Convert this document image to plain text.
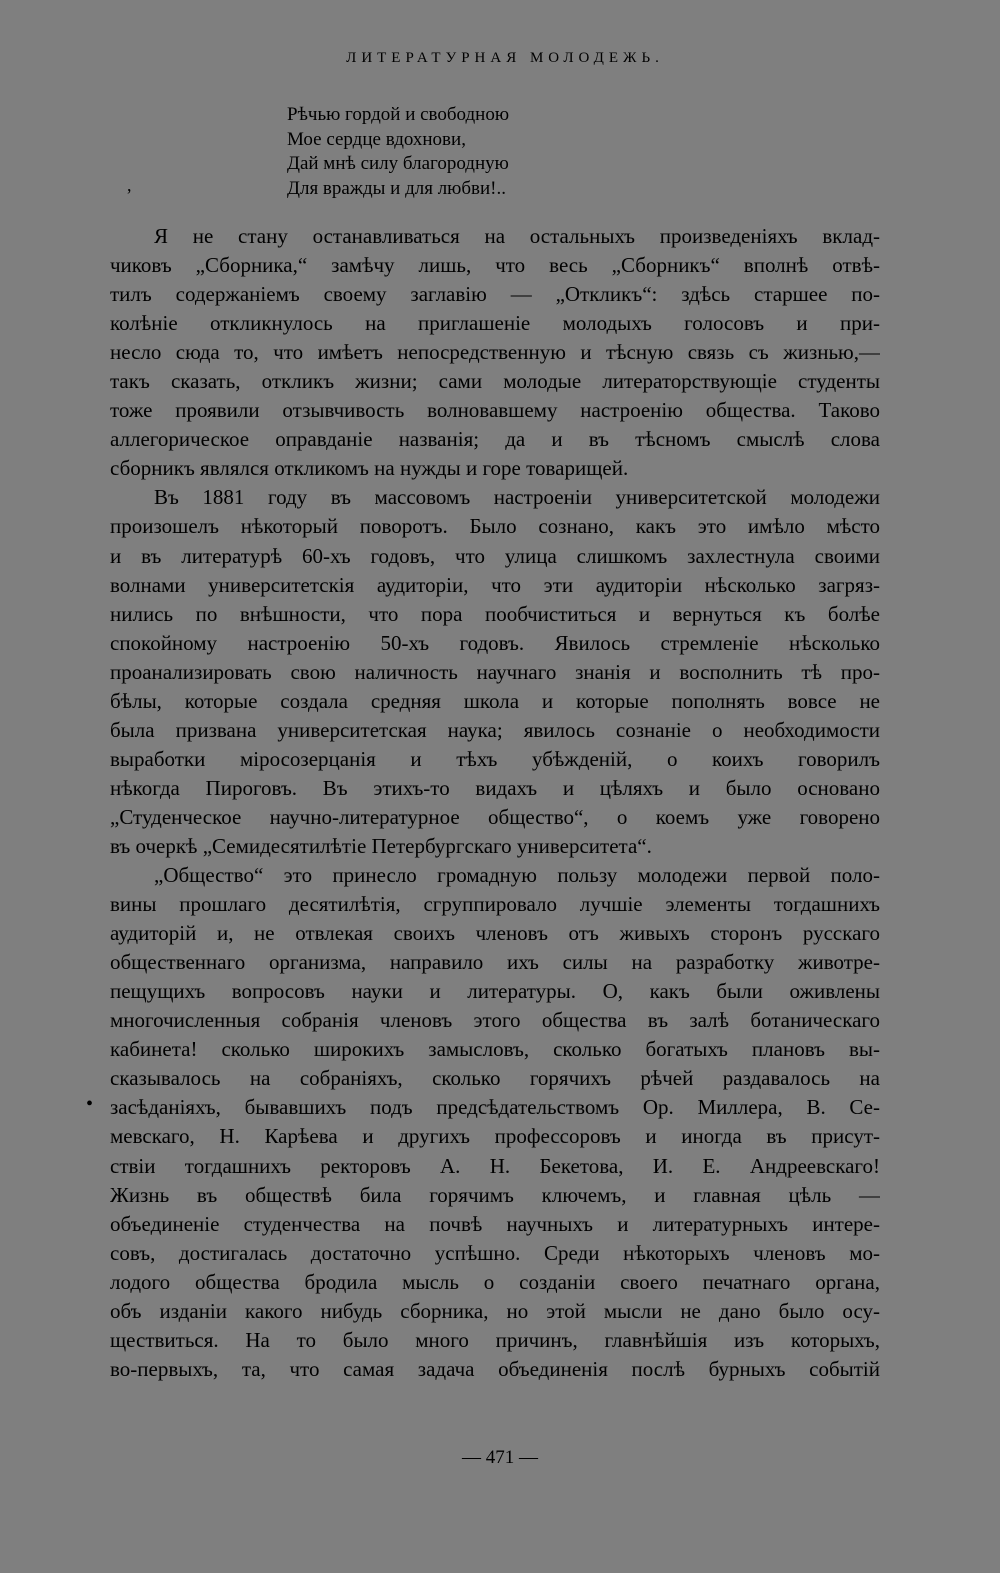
ЛИТЕРАТУРНАЯ МОЛОДЕЖЬ.
,
Рѣчью гордой и свободною
Мое сердце вдохнови,
Дай мнѣ силу благородную
Для вражды и для любви!..
•
Я не стану останавливаться на остальныхъ произведеніяхъ вклад-
чиковъ „Сборника,“ замѣчу лишь, что весь „Сборникъ“ вполнѣ отвѣ-
тилъ содержаніемъ своему заглавію — „Откликъ“: здѣсь старшее по-
колѣніе откликнулось на приглашеніе молодыхъ голосовъ и при-
несло сюда то, что имѣетъ непосредственную и тѣсную связь съ жизнью,—
такъ сказать, откликъ жизни; сами молодые литераторствующіе студенты
тоже проявили отзывчивость волновавшему настроенію общества. Таково
аллегорическое оправданіе названія; да и въ тѣсномъ смыслѣ слова
сборникъ являлся откликомъ на нужды и горе товарищей.
Въ 1881 году въ массовомъ настроеніи университетской молодежи
произошелъ нѣкоторый поворотъ. Было сознано, какъ это имѣло мѣсто
и въ литературѣ 60-хъ годовъ, что улица слишкомъ захлестнула своими
волнами университетскія аудиторіи, что эти аудиторіи нѣсколько загряз-
нились по внѣшности, что пора пообчиститься и вернуться къ болѣе
спокойному настроенію 50-хъ годовъ. Явилось стремленіе нѣсколько
проанализировать свою наличность научнаго знанія и восполнить тѣ про-
бѣлы, которые создала средняя школа и которые пополнять вовсе не
была призвана университетская наука; явилось сознаніе о необходимости
выработки міросозерцанія и тѣхъ убѣжденій, о коихъ говорилъ
нѣкогда Пироговъ. Въ этихъ-то видахъ и цѣляхъ и было основано
„Студенческое научно-литературное общество“, о коемъ уже говорено
въ очеркѣ „Семидесятилѣтіе Петербургскаго университета“.
„Общество“ это принесло громадную пользу молодежи первой поло-
вины прошлаго десятилѣтія, сгруппировало лучшіе элементы тогдашнихъ
аудиторій и, не отвлекая своихъ членовъ отъ живыхъ сторонъ русскаго
общественнаго организма, направило ихъ силы на разработку животре-
пещущихъ вопросовъ науки и литературы. О, какъ были оживлены
многочисленныя собранія членовъ этого общества въ залѣ ботаническаго
кабинета! сколько широкихъ замысловъ, сколько богатыхъ плановъ вы-
сказывалось на собраніяхъ, сколько горячихъ рѣчей раздавалось на
засѣданіяхъ, бывавшихъ подъ предсѣдательствомъ Ор. Миллера, В. Се-
мевскаго, Н. Карѣева и другихъ профессоровъ и иногда въ присут-
ствіи тогдашнихъ ректоровъ А. Н. Бекетова, И. Е. Андреевскаго!
Жизнь въ обществѣ била горячимъ ключемъ, и главная цѣль —
объединеніе студенчества на почвѣ научныхъ и литературныхъ интере-
совъ, достигалась достаточно успѣшно. Среди нѣкоторыхъ членовъ мо-
лодого общества бродила мысль о созданіи своего печатнаго органа,
объ изданіи какого нибудь сборника, но этой мысли не дано было осу-
ществиться. На то было много причинъ, главнѣйшія изъ которыхъ,
во-первыхъ, та, что самая задача объединенія послѣ бурныхъ событій
— 471 —
